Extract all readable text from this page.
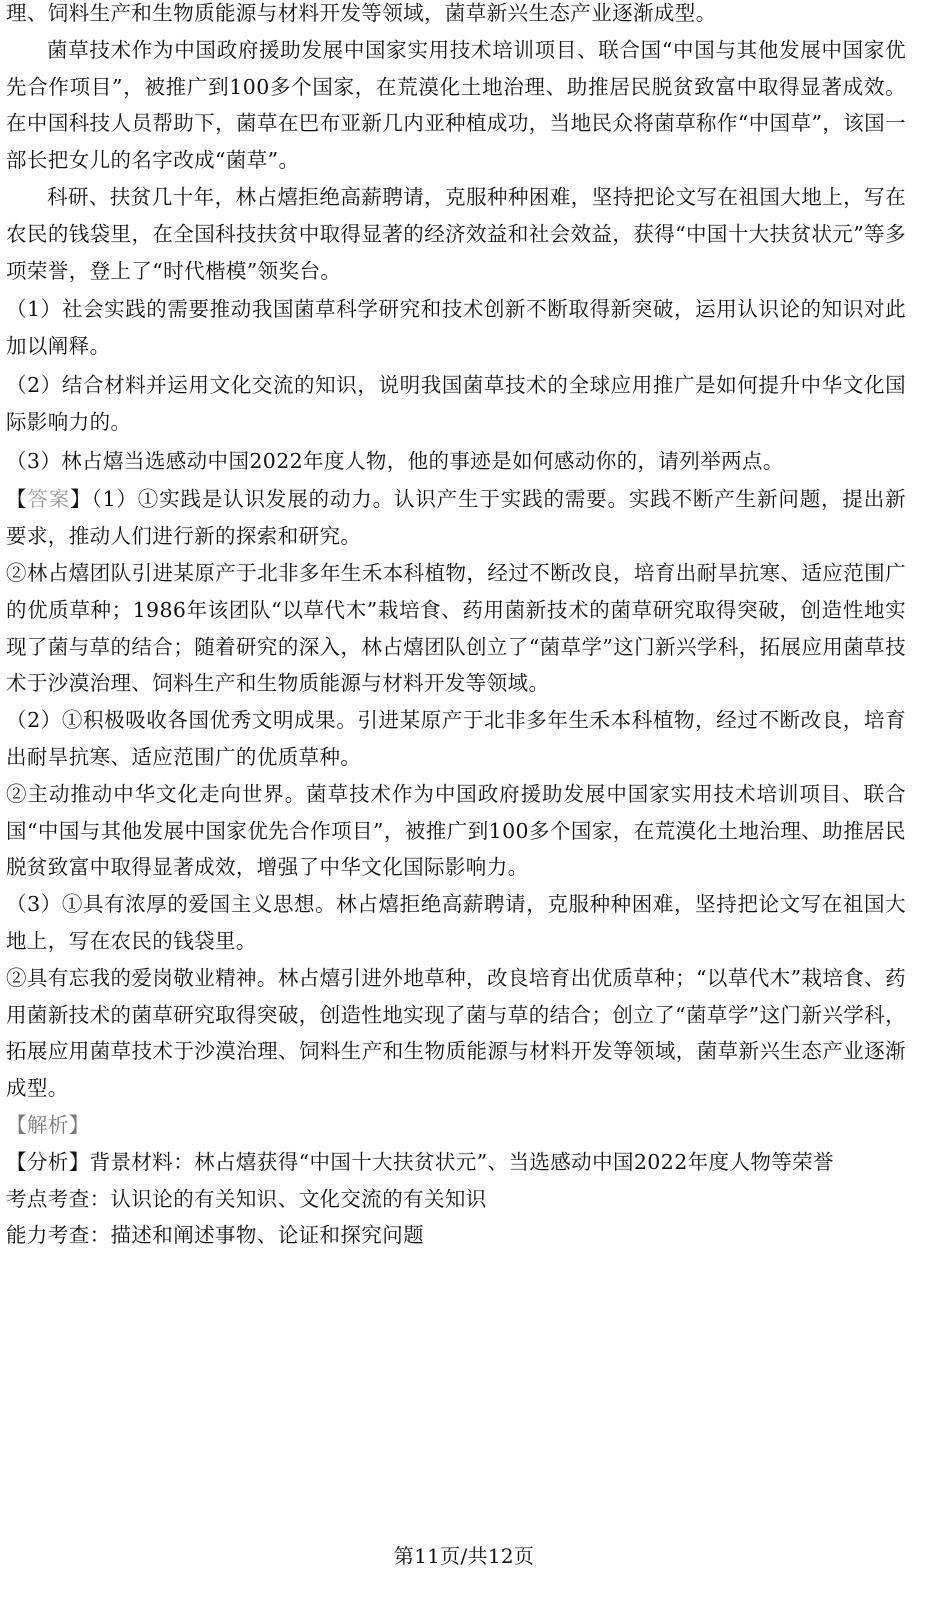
理、饲料生产和生物质能源与材料开发等领域，菌草新兴生态产业逐渐成型。

菌草技术作为中国政府援助发展中国家实用技术培训项目、联合国“中国与其他发展中国家优先合作项目”，被推广到100多个国家，在荒漠化土地治理、助推居民脱贫致富中取得显著成效。在中国科技人员帮助下，菌草在巴布亚新几内亚种植成功，当地民众将菌草称作“中国草”，该国一部长把女儿的名字改成“菌草”。

科研、扶贫几十年，林占熺拒绝高薪聘请，克服种种困难，坚持把论文写在祖国大地上，写在农民的钱袋里，在全国科技扶贫中取得显著的经济效益和社会效益，获得“中国十大扶贫状元”等多项荣誉，登上了“时代楷模”领奖台。

（1）社会实践的需要推动我国菌草科学研究和技术创新不断取得新突破，运用认识论的知识对此加以阐释。

（2）结合材料并运用文化交流的知识，说明我国菌草技术的全球应用推广是如何提升中华文化国际影响力的。

（3）林占熺当选感动中国2022年度人物，他的事迹是如何感动你的，请列举两点。

【答案】（1）①实践是认识发展的动力。认识产生于实践的需要。实践不断产生新问题，提出新要求，推动人们进行新的探索和研究。

②林占熺团队引进某原产于北非多年生禾本科植物，经过不断改良，培育出耐旱抗寒、适应范围广的优质草种；1986年该团队“以草代木”栽培食、药用菌新技术的菌草研究取得突破，创造性地实现了菌与草的结合；随着研究的深入，林占熺团队创立了“菌草学”这门新兴学科，拓展应用菌草技术于沙漠治理、饲料生产和生物质能源与材料开发等领域。

（2）①积极吸收各国优秀文明成果。引进某原产于北非多年生禾本科植物，经过不断改良，培育出耐旱抗寒、适应范围广的优质草种。

②主动推动中华文化走向世界。菌草技术作为中国政府援助发展中国家实用技术培训项目、联合国“中国与其他发展中国家优先合作项目”，被推广到100多个国家，在荒漠化土地治理、助推居民脱贫致富中取得显著成效，增强了中华文化国际影响力。

（3）①具有浓厚的爱国主义思想。林占熺拒绝高薪聘请，克服种种困难，坚持把论文写在祖国大地上，写在农民的钱袋里。

②具有忘我的爱岗敬业精神。林占熺引进外地草种，改良培育出优质草种；“以草代木”栽培食、药用菌新技术的菌草研究取得突破，创造性地实现了菌与草的结合；创立了“菌草学”这门新兴学科，拓展应用菌草技术于沙漠治理、饲料生产和生物质能源与材料开发等领域，菌草新兴生态产业逐渐成型。

【解析】

【分析】背景材料：林占熺获得“中国十大扶贫状元”、当选感动中国2022年度人物等荣誉

考点考查：认识论的有关知识、文化交流的有关知识

能力考查：描述和阐述事物、论证和探究问题

第11页/共12页
